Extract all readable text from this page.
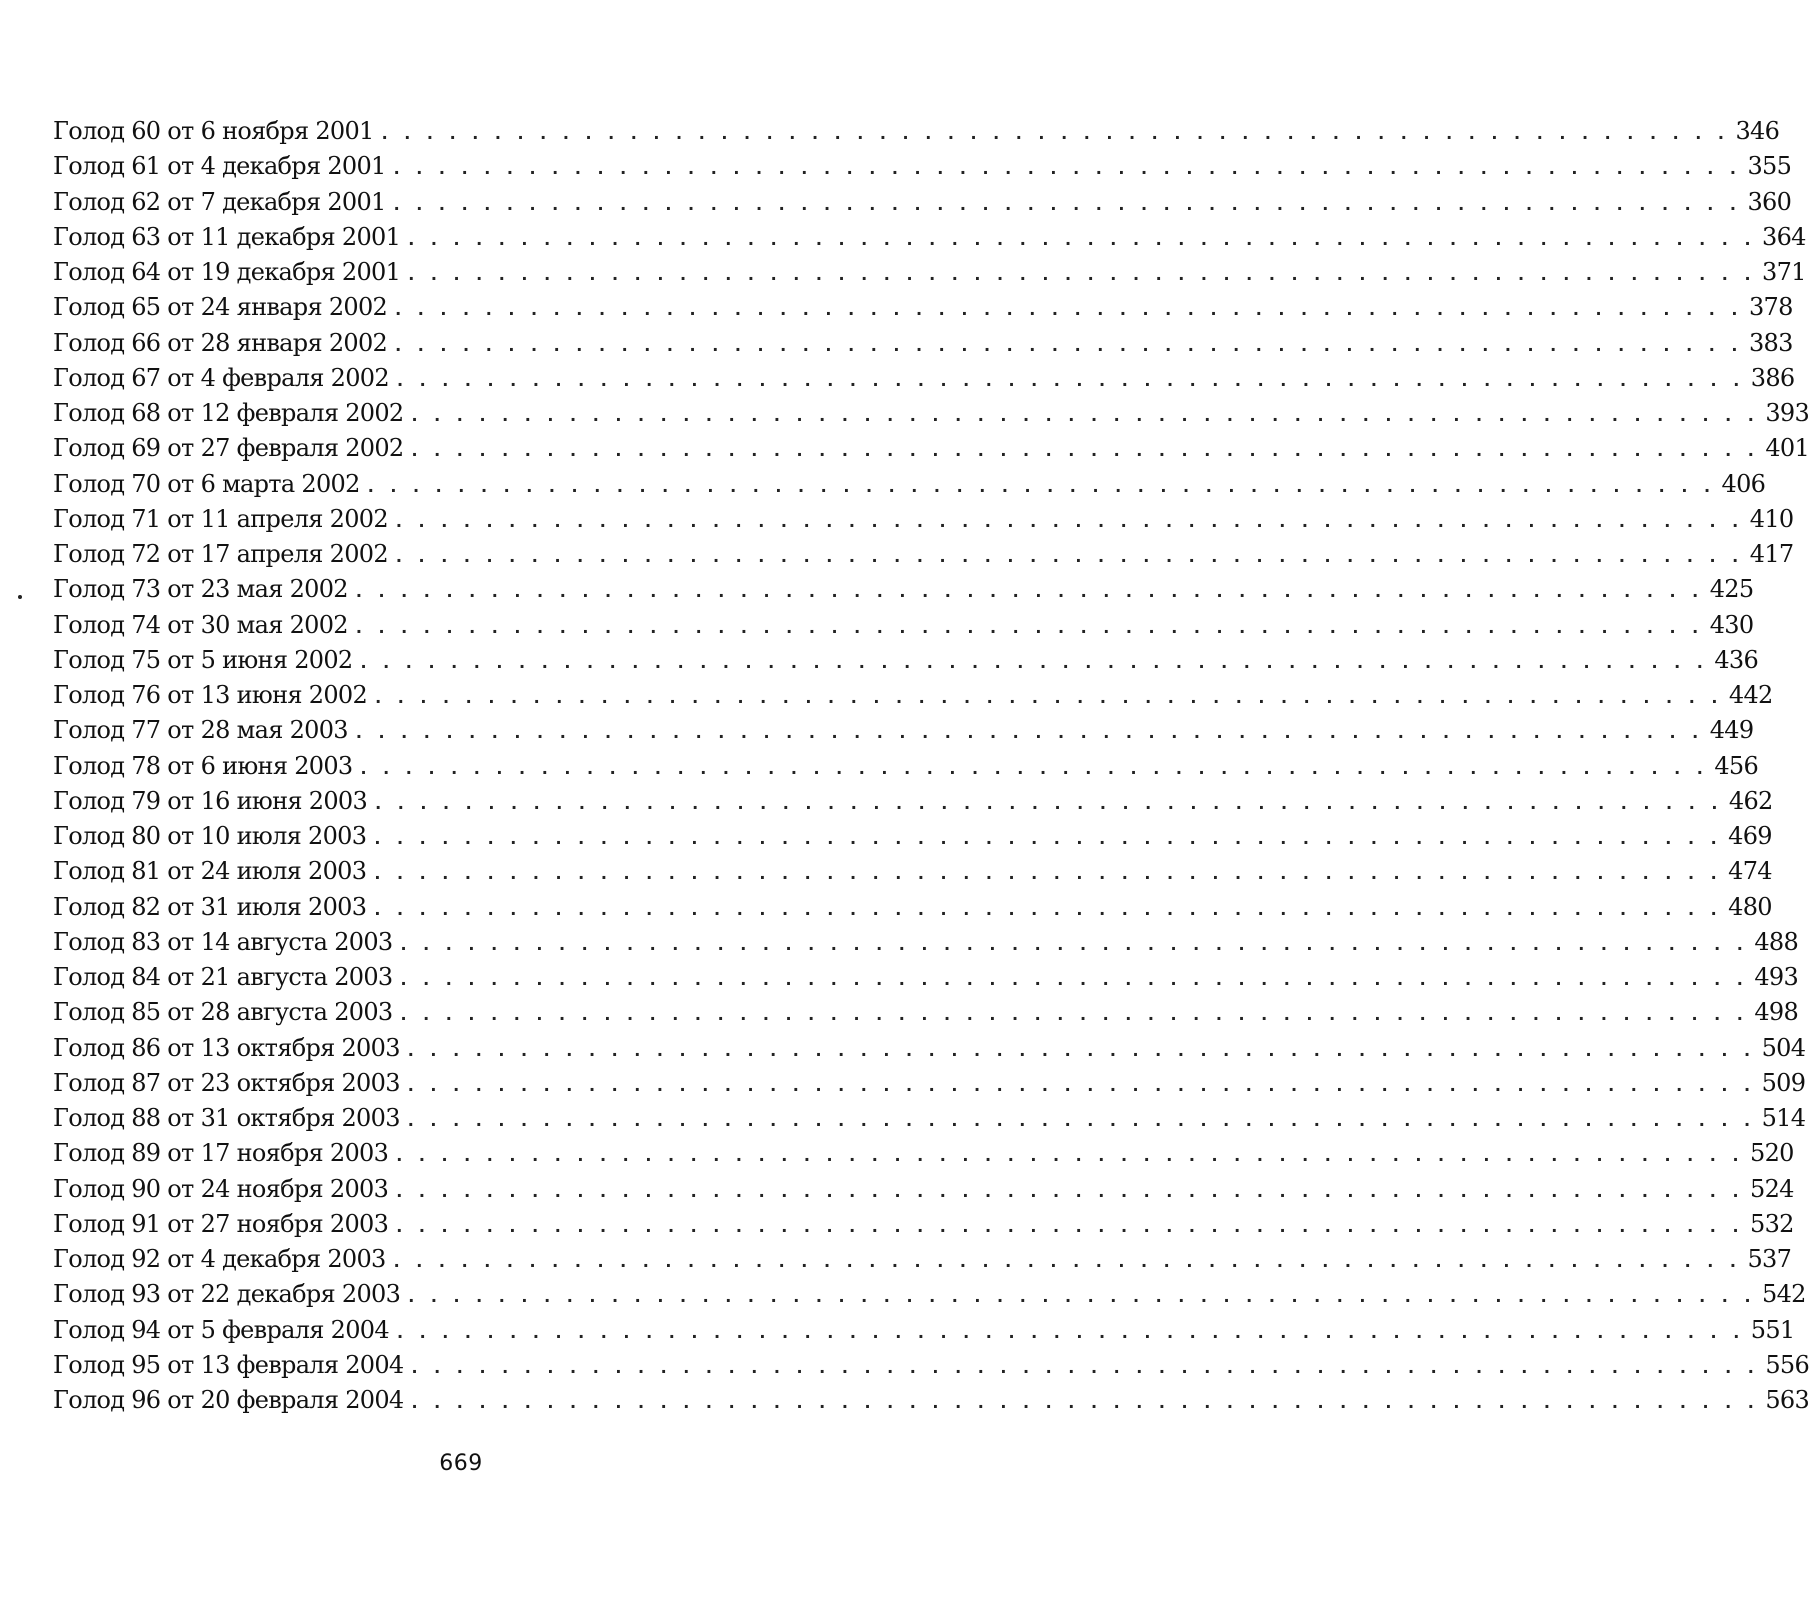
Голод 60 от 6 ноября 2001 . . . . . . . . . . . . . . . . . . . . . . . . . . . . . . . . . . . . . . . . . . . . . . . . . . . . . . . . . . . . 346
Голод 61 от 4 декабря 2001 . . . . . . . . . . . . . . . . . . . . . . . . . . . . . . . . . . . . . . . . . . . . . . . . . . . . . . . . . . . . 355
Голод 62 от 7 декабря 2001 . . . . . . . . . . . . . . . . . . . . . . . . . . . . . . . . . . . . . . . . . . . . . . . . . . . . . . . . . . . . 360
Голод 63 от 11 декабря 2001 . . . . . . . . . . . . . . . . . . . . . . . . . . . . . . . . . . . . . . . . . . . . . . . . . . . . . . . . . . . . 364
Голод 64 от 19 декабря 2001 . . . . . . . . . . . . . . . . . . . . . . . . . . . . . . . . . . . . . . . . . . . . . . . . . . . . . . . . . . . . 371
Голод 65 от 24 января 2002 . . . . . . . . . . . . . . . . . . . . . . . . . . . . . . . . . . . . . . . . . . . . . . . . . . . . . . . . . . . . 378
Голод 66 от 28 января 2002 . . . . . . . . . . . . . . . . . . . . . . . . . . . . . . . . . . . . . . . . . . . . . . . . . . . . . . . . . . . . 383
Голод 67 от 4 февраля 2002 . . . . . . . . . . . . . . . . . . . . . . . . . . . . . . . . . . . . . . . . . . . . . . . . . . . . . . . . . . . . 386
Голод 68 от 12 февраля 2002 . . . . . . . . . . . . . . . . . . . . . . . . . . . . . . . . . . . . . . . . . . . . . . . . . . . . . . . . . . . . 393
Голод 69 от 27 февраля 2002 . . . . . . . . . . . . . . . . . . . . . . . . . . . . . . . . . . . . . . . . . . . . . . . . . . . . . . . . . . . . 401
Голод 70 от 6 марта 2002 . . . . . . . . . . . . . . . . . . . . . . . . . . . . . . . . . . . . . . . . . . . . . . . . . . . . . . . . . . . . 406
Голод 71 от 11 апреля 2002 . . . . . . . . . . . . . . . . . . . . . . . . . . . . . . . . . . . . . . . . . . . . . . . . . . . . . . . . . . . . 410
Голод 72 от 17 апреля 2002 . . . . . . . . . . . . . . . . . . . . . . . . . . . . . . . . . . . . . . . . . . . . . . . . . . . . . . . . . . . . 417
Голод 73 от 23 мая 2002 . . . . . . . . . . . . . . . . . . . . . . . . . . . . . . . . . . . . . . . . . . . . . . . . . . . . . . . . . . . . 425
Голод 74 от 30 мая 2002 . . . . . . . . . . . . . . . . . . . . . . . . . . . . . . . . . . . . . . . . . . . . . . . . . . . . . . . . . . . . 430
Голод 75 от 5 июня 2002 . . . . . . . . . . . . . . . . . . . . . . . . . . . . . . . . . . . . . . . . . . . . . . . . . . . . . . . . . . . . 436
Голод 76 от 13 июня 2002 . . . . . . . . . . . . . . . . . . . . . . . . . . . . . . . . . . . . . . . . . . . . . . . . . . . . . . . . . . . . 442
Голод 77 от 28 мая 2003 . . . . . . . . . . . . . . . . . . . . . . . . . . . . . . . . . . . . . . . . . . . . . . . . . . . . . . . . . . . . 449
Голод 78 от 6 июня 2003 . . . . . . . . . . . . . . . . . . . . . . . . . . . . . . . . . . . . . . . . . . . . . . . . . . . . . . . . . . . . 456
Голод 79 от 16 июня 2003 . . . . . . . . . . . . . . . . . . . . . . . . . . . . . . . . . . . . . . . . . . . . . . . . . . . . . . . . . . . . 462
Голод 80 от 10 июля 2003 . . . . . . . . . . . . . . . . . . . . . . . . . . . . . . . . . . . . . . . . . . . . . . . . . . . . . . . . . . . . 469
Голод 81 от 24 июля 2003 . . . . . . . . . . . . . . . . . . . . . . . . . . . . . . . . . . . . . . . . . . . . . . . . . . . . . . . . . . . . 474
Голод 82 от 31 июля 2003 . . . . . . . . . . . . . . . . . . . . . . . . . . . . . . . . . . . . . . . . . . . . . . . . . . . . . . . . . . . . 480
Голод 83 от 14 августа 2003 . . . . . . . . . . . . . . . . . . . . . . . . . . . . . . . . . . . . . . . . . . . . . . . . . . . . . . . . . . . . 488
Голод 84 от 21 августа 2003 . . . . . . . . . . . . . . . . . . . . . . . . . . . . . . . . . . . . . . . . . . . . . . . . . . . . . . . . . . . . 493
Голод 85 от 28 августа 2003 . . . . . . . . . . . . . . . . . . . . . . . . . . . . . . . . . . . . . . . . . . . . . . . . . . . . . . . . . . . . 498
Голод 86 от 13 октября 2003 . . . . . . . . . . . . . . . . . . . . . . . . . . . . . . . . . . . . . . . . . . . . . . . . . . . . . . . . . . . . 504
Голод 87 от 23 октября 2003 . . . . . . . . . . . . . . . . . . . . . . . . . . . . . . . . . . . . . . . . . . . . . . . . . . . . . . . . . . . . 509
Голод 88 от 31 октября 2003 . . . . . . . . . . . . . . . . . . . . . . . . . . . . . . . . . . . . . . . . . . . . . . . . . . . . . . . . . . . . 514
Голод 89 от 17 ноября 2003 . . . . . . . . . . . . . . . . . . . . . . . . . . . . . . . . . . . . . . . . . . . . . . . . . . . . . . . . . . . . 520
Голод 90 от 24 ноября 2003 . . . . . . . . . . . . . . . . . . . . . . . . . . . . . . . . . . . . . . . . . . . . . . . . . . . . . . . . . . . . 524
Голод 91 от 27 ноября 2003 . . . . . . . . . . . . . . . . . . . . . . . . . . . . . . . . . . . . . . . . . . . . . . . . . . . . . . . . . . . . 532
Голод 92 от 4 декабря 2003 . . . . . . . . . . . . . . . . . . . . . . . . . . . . . . . . . . . . . . . . . . . . . . . . . . . . . . . . . . . . 537
Голод 93 от 22 декабря 2003 . . . . . . . . . . . . . . . . . . . . . . . . . . . . . . . . . . . . . . . . . . . . . . . . . . . . . . . . . . . . 542
Голод 94 от 5 февраля 2004 . . . . . . . . . . . . . . . . . . . . . . . . . . . . . . . . . . . . . . . . . . . . . . . . . . . . . . . . . . . . 551
Голод 95 от 13 февраля 2004 . . . . . . . . . . . . . . . . . . . . . . . . . . . . . . . . . . . . . . . . . . . . . . . . . . . . . . . . . . . . 556
Голод 96 от 20 февраля 2004 . . . . . . . . . . . . . . . . . . . . . . . . . . . . . . . . . . . . . . . . . . . . . . . . . . . . . . . . . . . . 563
669
